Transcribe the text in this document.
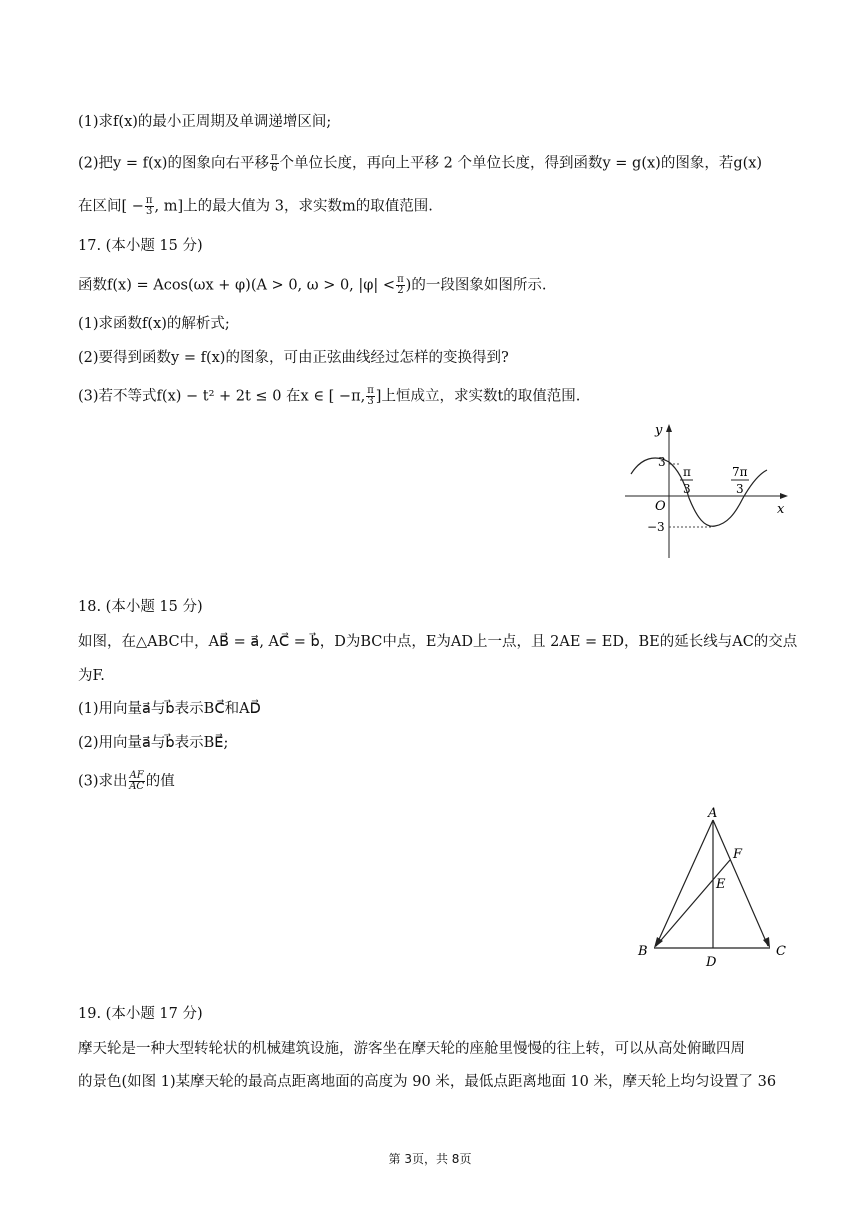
(1)求f(x)的最小正周期及单调递增区间;
(2)把y = f(x)的图象向右平移 $\frac{\pi}{6}$ 个单位长度，再向上平移 2 个单位长度，得到函数y = g(x)的图象，若g(x)
在区间[ − $\frac{\pi}{3}$ , m]上的最大值为 3，求实数m的取值范围.
17. (本小题 15 分)
函数f(x) = Acos(ωx + φ)(A > 0, ω > 0, $|\varphi| < \frac{\pi}{2}$ )的一段图象如图所示.
(1)求函数f(x)的解析式;
(2)要得到函数y = f(x)的图象，可由正弦曲线经过怎样的变换得到?
(3)若不等式f(x) − t² + 2t ≤ 0 在x ∈ [ −π, $\frac{\pi}{3}$ ]上恒成立，求实数t的取值范围.
y
x
O
3
−3
π
3
7π
3
18. (本小题 15 分)
如图，在△ABC中，AB⃗ = a⃗, AC⃗ = b⃗，D为BC中点，E为AD上一点，且 2AE = ED，BE的延长线与AC的交点
为F.
(1)用向量a⃗与b⃗表示BC⃗和AD⃗
(2)用向量a⃗与b⃗表示BE⃗;
(3)求出 $\frac{AF}{AC}$ 的值
A
B	C
D
E
F
19. (本小题 17 分)
摩天轮是一种大型转轮状的机械建筑设施，游客坐在摩天轮的座舱里慢慢的往上转，可以从高处俯瞰四周
的景色(如图 1)某摩天轮的最高点距离地面的高度为 90 米，最低点距离地面 10 米，摩天轮上均匀设置了 36
第 3页，共 8页
